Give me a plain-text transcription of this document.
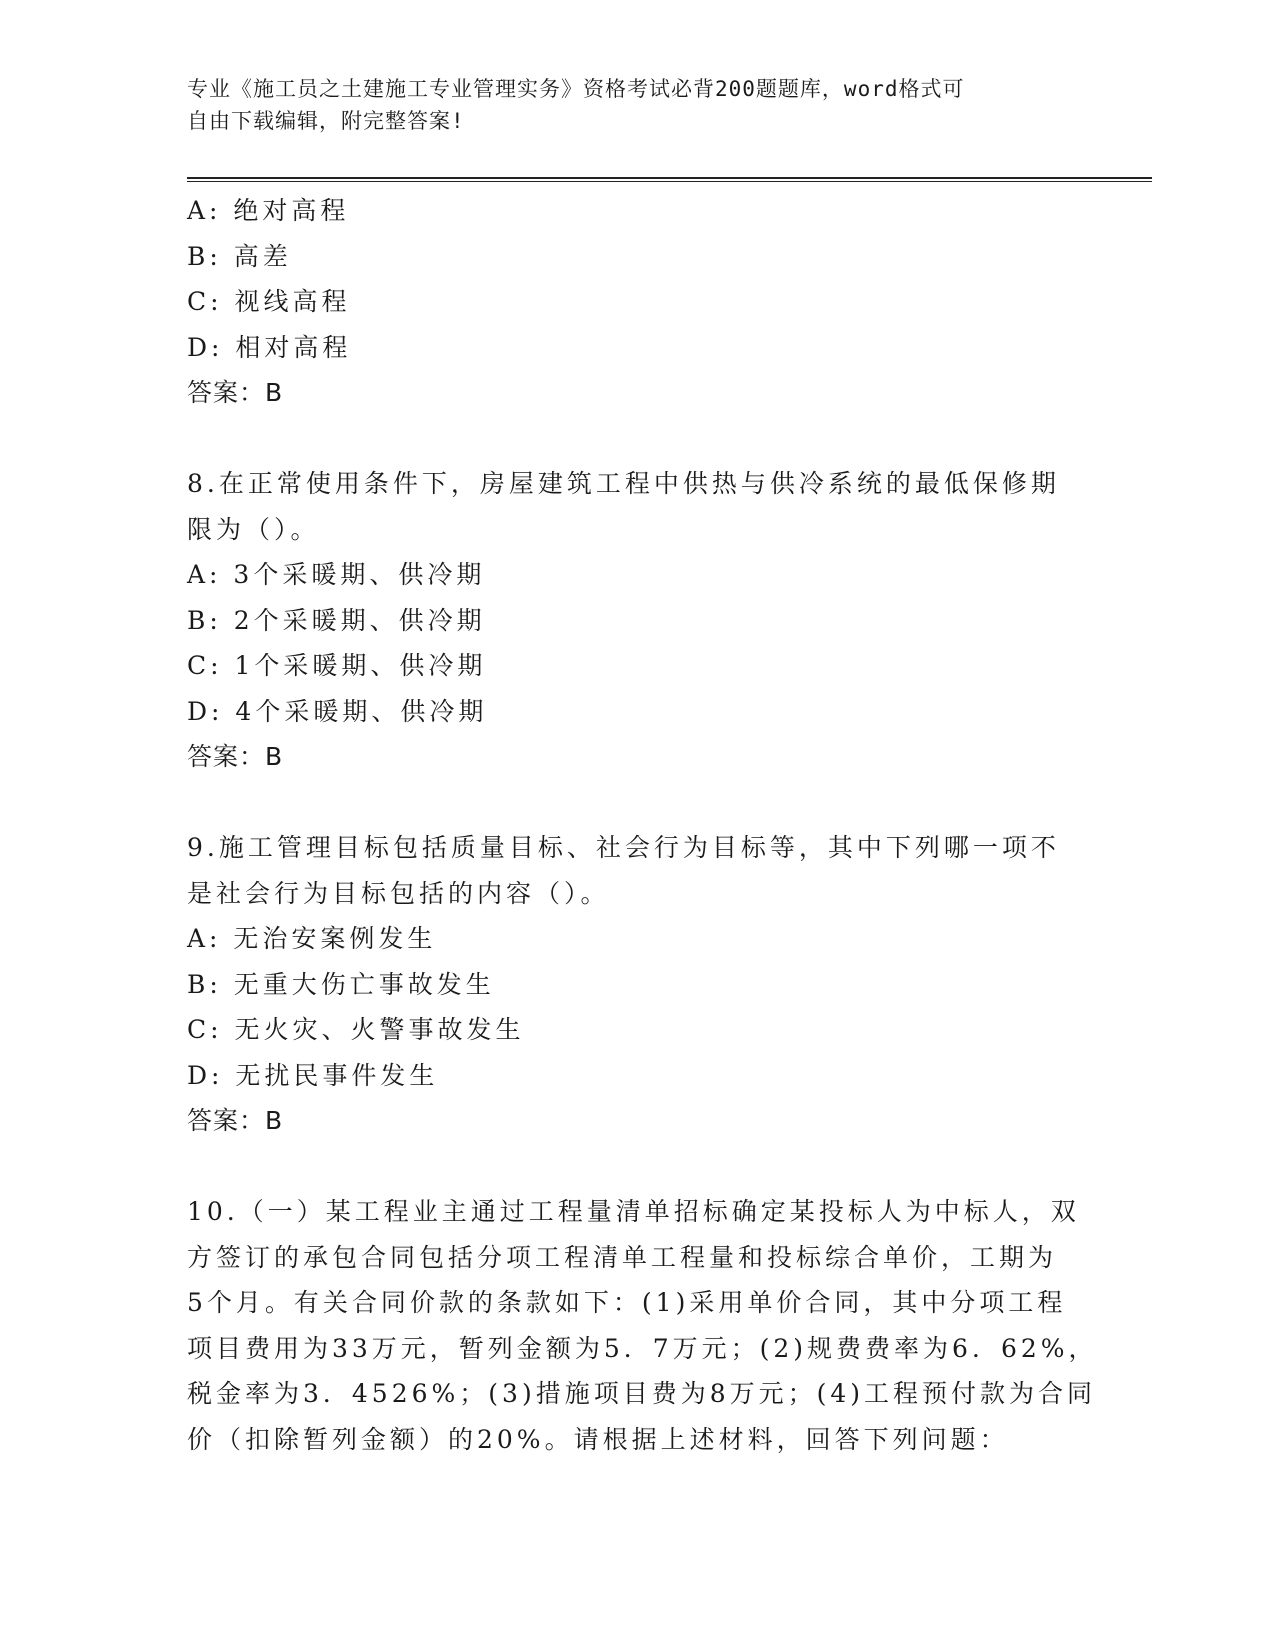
专业《施工员之土建施工专业管理实务》资格考试必背200题题库，word格式可
自由下载编辑，附完整答案!
A: 绝对高程
B: 高差
C: 视线高程
D: 相对高程
答案：B
8.在正常使用条件下，房屋建筑工程中供热与供冷系统的最低保修期
限为（）。
A: 3个采暖期、供冷期
B: 2个采暖期、供冷期
C: 1个采暖期、供冷期
D: 4个采暖期、供冷期
答案：B
9.施工管理目标包括质量目标、社会行为目标等，其中下列哪一项不
是社会行为目标包括的内容（）。
A: 无治安案例发生
B: 无重大伤亡事故发生
C: 无火灾、火警事故发生
D: 无扰民事件发生
答案：B
10.（一）某工程业主通过工程量清单招标确定某投标人为中标人，双
方签订的承包合同包括分项工程清单工程量和投标综合单价，工期为
5个月。有关合同价款的条款如下：(1)采用单价合同，其中分项工程
项目费用为33万元，暂列金额为5．7万元；(2)规费费率为6．62%，
税金率为3．4526%；(3)措施项目费为8万元；(4)工程预付款为合同
价（扣除暂列金额）的20%。请根据上述材料，回答下列问题：
